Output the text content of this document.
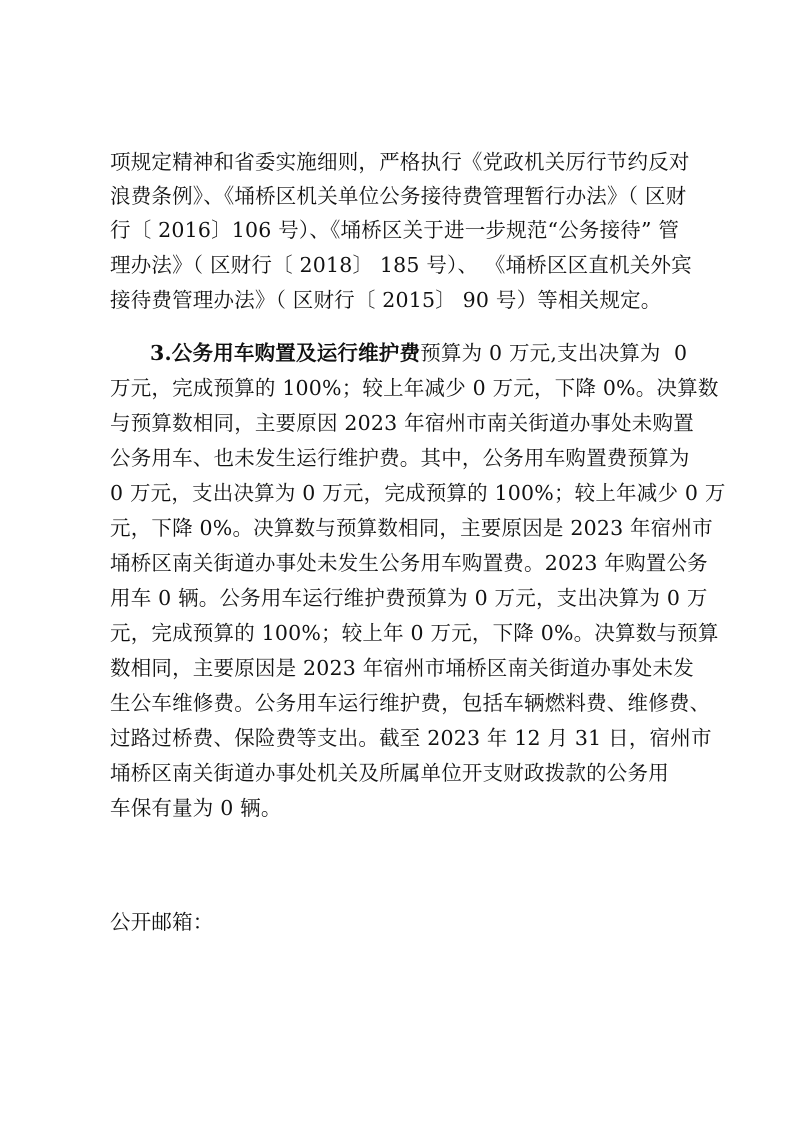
项规定精神和省委实施细则，严格执行《党政机关厉行节约反对
浪费条例》、《埇桥区机关单位公务接待费管理暂行办法》（ 区财
行〔 2016〕106 号）、《埇桥区关于进一步规范“公务接待” 管
理办法》（ 区财行〔 2018〕 185 号）、 《埇桥区区直机关外宾
接待费管理办法》（ 区财行〔 2015〕 90 号）等相关规定。
3.公务用车购置及运行维护费预算为 0 万元,支出决算为  0
万元，完成预算的 100%；较上年减少 0 万元，下降 0%。决算数
与预算数相同，主要原因 2023 年宿州市南关街道办事处未购置
公务用车、也未发生运行维护费。其中，公务用车购置费预算为
0 万元，支出决算为 0 万元，完成预算的 100%；较上年减少 0 万
元，下降 0%。决算数与预算数相同，主要原因是 2023 年宿州市
埇桥区南关街道办事处未发生公务用车购置费。2023 年购置公务
用车 0 辆。公务用车运行维护费预算为 0 万元，支出决算为 0 万
元，完成预算的 100%；较上年 0 万元，下降 0%。决算数与预算
数相同，主要原因是 2023 年宿州市埇桥区南关街道办事处未发
生公车维修费。公务用车运行维护费，包括车辆燃料费、维修费、
过路过桥费、保险费等支出。截至 2023 年 12 月 31 日，宿州市
埇桥区南关街道办事处机关及所属单位开支财政拨款的公务用
车保有量为 0 辆。
公开邮箱：
